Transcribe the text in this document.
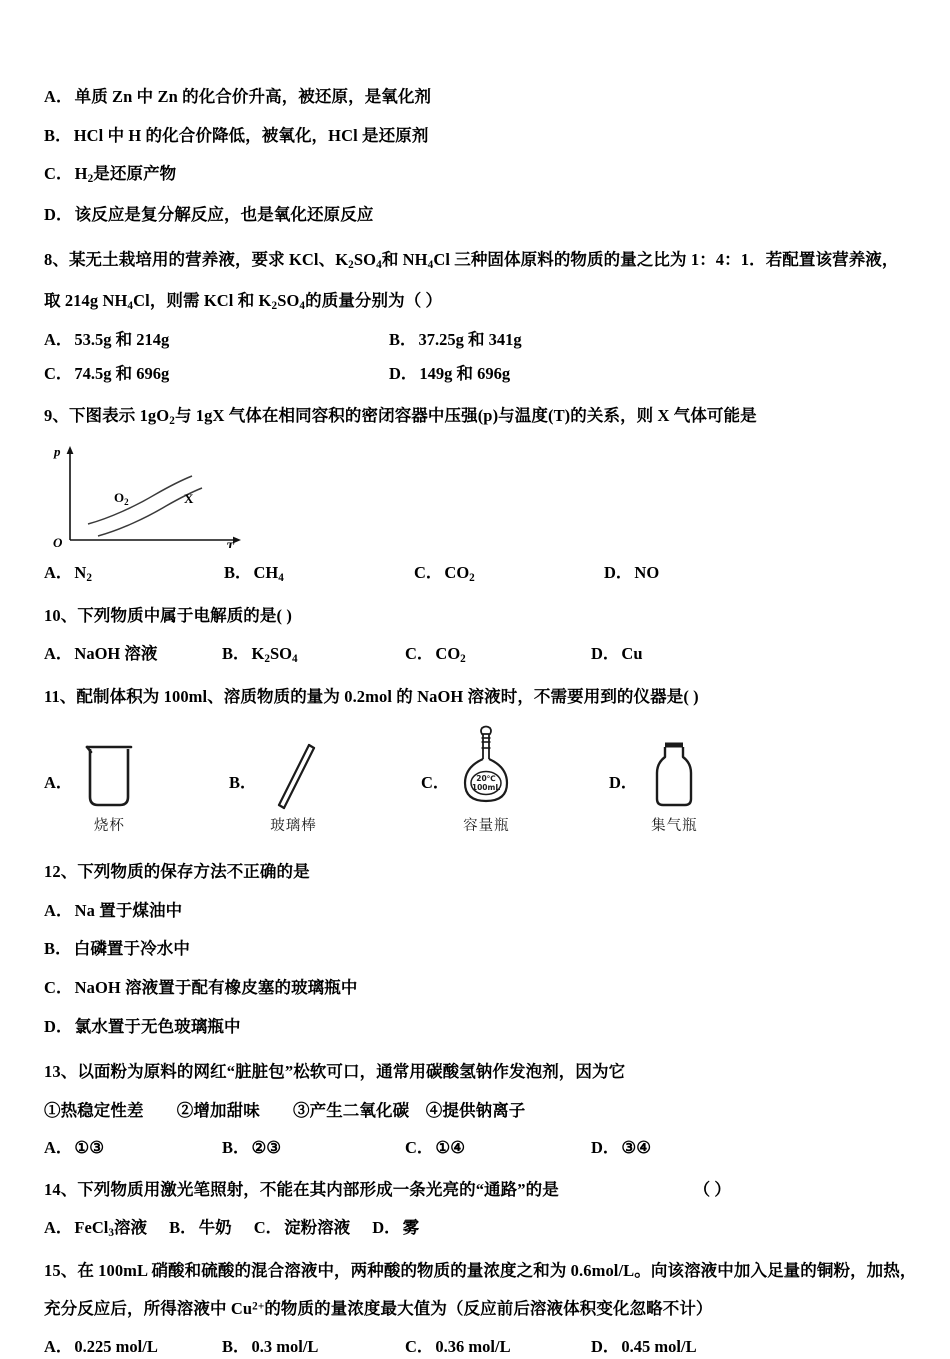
A． 单质 Zn 中 Zn 的化合价升高，被还原，是氧化剂
B． HCl 中 H 的化合价降低，被氧化，HCl 是还原剂
C． $H_2$是还原产物
D． 该反应是复分解反应，也是氧化还原反应
8、某无土栽培用的营养液，要求 KCl、$K_2SO_4$和 $NH_4Cl$ 三种固体原料的物质的量之比为 1：4：1．若配置该营养液，
取 214g $NH_4Cl$，则需 KCl 和 $K_2SO_4$的质量分别为（ ）
A． 53.5g 和 214g	B． 37.25g 和 341g
C． 74.5g 和 696g	D． 149g 和 696g
9、下图表示 $1gO_2$与 1gX 气体在相同容积的密闭容器中压强(p)与温度(T)的关系，则 X 气体可能是
p
T
O
$O_2$	X
A． $N_2$	B． $CH_4$	C． $CO_2$	D． NO
10、下列物质中属于电解质的是( )
A． NaOH 溶液	B． $K_2SO_4$	C． $CO_2$	D． Cu
11、配制体积为 100ml、溶质物质的量为 0.2mol 的 NaOH 溶液时，不需要用到的仪器是( )
A．
烧杯
B．
玻璃棒
C．	20℃
100mL
容量瓶
D．
集气瓶
12、下列物质的保存方法不正确的是
A． Na 置于煤油中
B． 白磷置于冷水中
C． NaOH 溶液置于配有橡皮塞的玻璃瓶中
D． 氯水置于无色玻璃瓶中
13、以面粉为原料的网红“脏脏包”松软可口，通常用碳酸氢钠作发泡剂，因为它
①热稳定性差　　②增加甜味　　③产生二氧化碳　④提供钠离子
A． ①③	B． ②③	C． ①④	D． ③④
14、下列物质用激光笔照射，不能在其内部形成一条光亮的“通路”的是	（ ）
A． FeCl$_3$溶液 B． 牛奶 C． 淀粉溶液 D． 雾
15、在 100mL 硝酸和硫酸的混合溶液中，两种酸的物质的量浓度之和为 0.6mol/L。向该溶液中加入足量的铜粉，加热，
充分反应后，所得溶液中 $Cu^{2+}$的物质的量浓度最大值为（反应前后溶液体积变化忽略不计）
A． 0.225 mol/L	B． 0.3 mol/L	C． 0.36 mol/L	D． 0.45 mol/L
